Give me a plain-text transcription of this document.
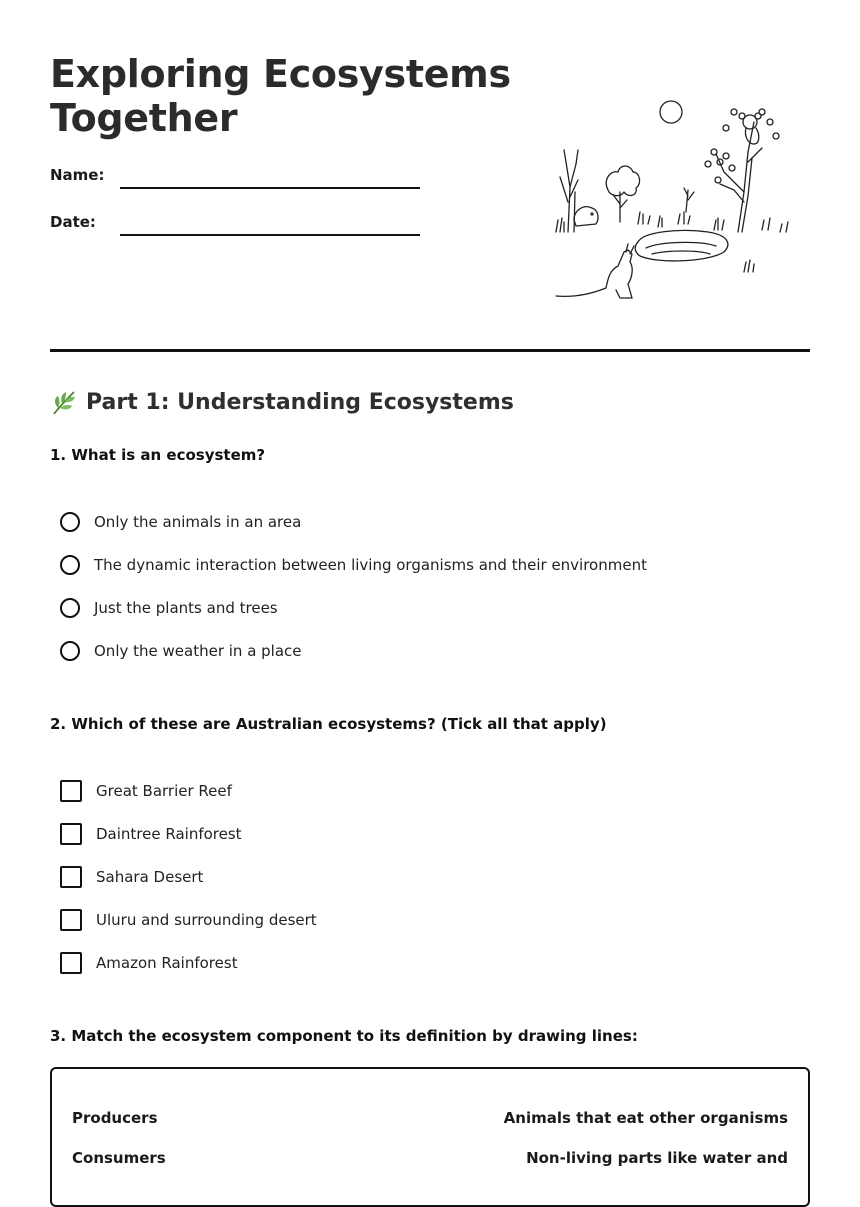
Exploring Ecosystems
Together
Name:
Date:
Part 1: Understanding Ecosystems
1. What is an ecosystem?
Only the animals in an area
The dynamic interaction between living organisms and their environment
Just the plants and trees
Only the weather in a place
2. Which of these are Australian ecosystems? (Tick all that apply)
Great Barrier Reef
Daintree Rainforest
Sahara Desert
Uluru and surrounding desert
Amazon Rainforest
3. Match the ecosystem component to its definition by drawing lines:
Producers
Consumers
Animals that eat other organisms
Non-living parts like water and
